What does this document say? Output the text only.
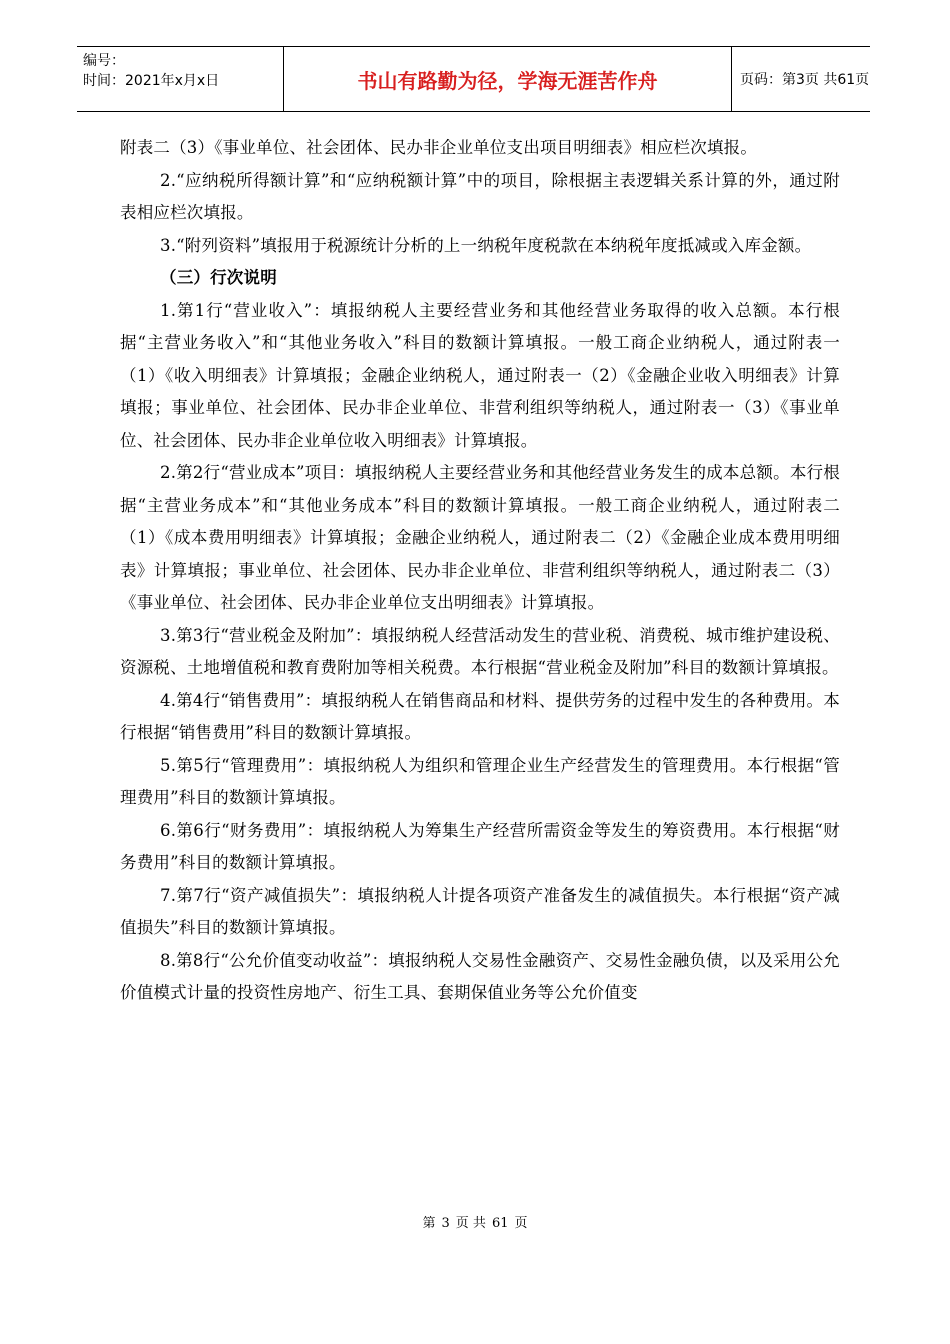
编号：
时间：2021年x月x日	书山有路勤为径，学海无涯苦作舟	页码：第3页 共61页

附表二（3）《事业单位、社会团体、民办非企业单位支出项目明细表》相应栏次填报。

2.“应纳税所得额计算”和“应纳税额计算”中的项目，除根据主表逻辑关系计算的外，通过附表相应栏次填报。

3.“附列资料”填报用于税源统计分析的上一纳税年度税款在本纳税年度抵减或入库金额。

（三）行次说明

1.第1行“营业收入”：填报纳税人主要经营业务和其他经营业务取得的收入总额。本行根据“主营业务收入”和“其他业务收入”科目的数额计算填报。一般工商企业纳税人，通过附表一（1）《收入明细表》计算填报；金融企业纳税人，通过附表一（2）《金融企业收入明细表》计算填报；事业单位、社会团体、民办非企业单位、非营利组织等纳税人，通过附表一（3）《事业单位、社会团体、民办非企业单位收入明细表》计算填报。

2.第2行“营业成本”项目：填报纳税人主要经营业务和其他经营业务发生的成本总额。本行根据“主营业务成本”和“其他业务成本”科目的数额计算填报。一般工商企业纳税人，通过附表二（1）《成本费用明细表》计算填报；金融企业纳税人，通过附表二（2）《金融企业成本费用明细表》计算填报；事业单位、社会团体、民办非企业单位、非营利组织等纳税人，通过附表二（3）《事业单位、社会团体、民办非企业单位支出明细表》计算填报。

3.第3行“营业税金及附加”：填报纳税人经营活动发生的营业税、消费税、城市维护建设税、资源税、土地增值税和教育费附加等相关税费。本行根据“营业税金及附加”科目的数额计算填报。

4.第4行“销售费用”：填报纳税人在销售商品和材料、提供劳务的过程中发生的各种费用。本行根据“销售费用”科目的数额计算填报。

5.第5行“管理费用”：填报纳税人为组织和管理企业生产经营发生的管理费用。本行根据“管理费用”科目的数额计算填报。

6.第6行“财务费用”：填报纳税人为筹集生产经营所需资金等发生的筹资费用。本行根据“财务费用”科目的数额计算填报。

7.第7行“资产减值损失”：填报纳税人计提各项资产准备发生的减值损失。本行根据“资产减值损失”科目的数额计算填报。

8.第8行“公允价值变动收益”：填报纳税人交易性金融资产、交易性金融负债，以及采用公允价值模式计量的投资性房地产、衍生工具、套期保值业务等公允价值变

第 3 页 共 61 页
